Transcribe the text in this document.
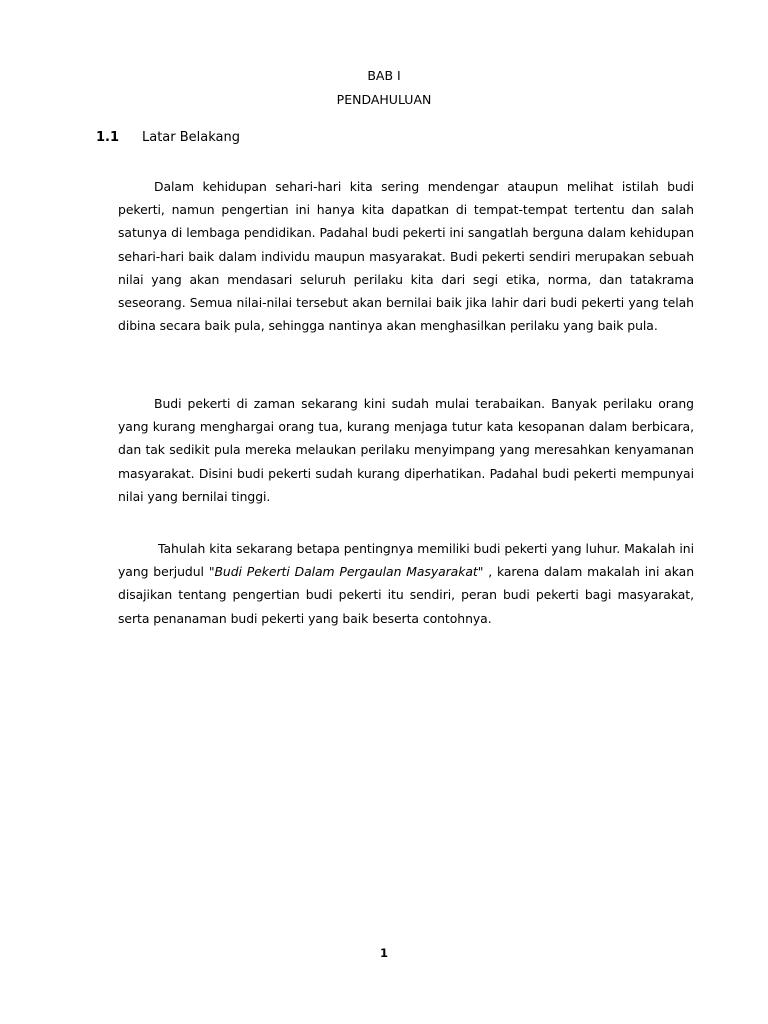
BAB I
PENDAHULUAN
1.1 Latar Belakang

Dalam kehidupan sehari-hari kita sering mendengar ataupun melihat istilah budi pekerti, namun pengertian ini hanya kita dapatkan di tempat-tempat tertentu dan salah satunya di lembaga pendidikan. Padahal budi pekerti ini sangatlah berguna dalam kehidupan sehari-hari baik dalam individu maupun masyarakat. Budi pekerti sendiri merupakan sebuah nilai yang akan mendasari seluruh perilaku kita dari segi etika, norma, dan tatakrama seseorang. Semua nilai-nilai tersebut akan bernilai baik jika lahir dari budi pekerti yang telah dibina secara baik pula, sehingga nantinya akan menghasilkan perilaku yang baik pula.

Budi pekerti di zaman sekarang kini sudah mulai terabaikan. Banyak perilaku orang yang kurang menghargai orang tua, kurang menjaga tutur kata kesopanan dalam berbicara, dan tak sedikit pula mereka melaukan perilaku menyimpang yang meresahkan kenyamanan masyarakat. Disini budi pekerti sudah kurang diperhatikan. Padahal budi pekerti mempunyai nilai yang bernilai tinggi.

Tahulah kita sekarang betapa pentingnya memiliki budi pekerti yang luhur. Makalah ini yang berjudul "Budi Pekerti Dalam Pergaulan Masyarakat" , karena dalam makalah ini akan disajikan tentang pengertian budi pekerti itu sendiri, peran budi pekerti bagi masyarakat, serta penanaman budi pekerti yang baik beserta contohnya.

1
